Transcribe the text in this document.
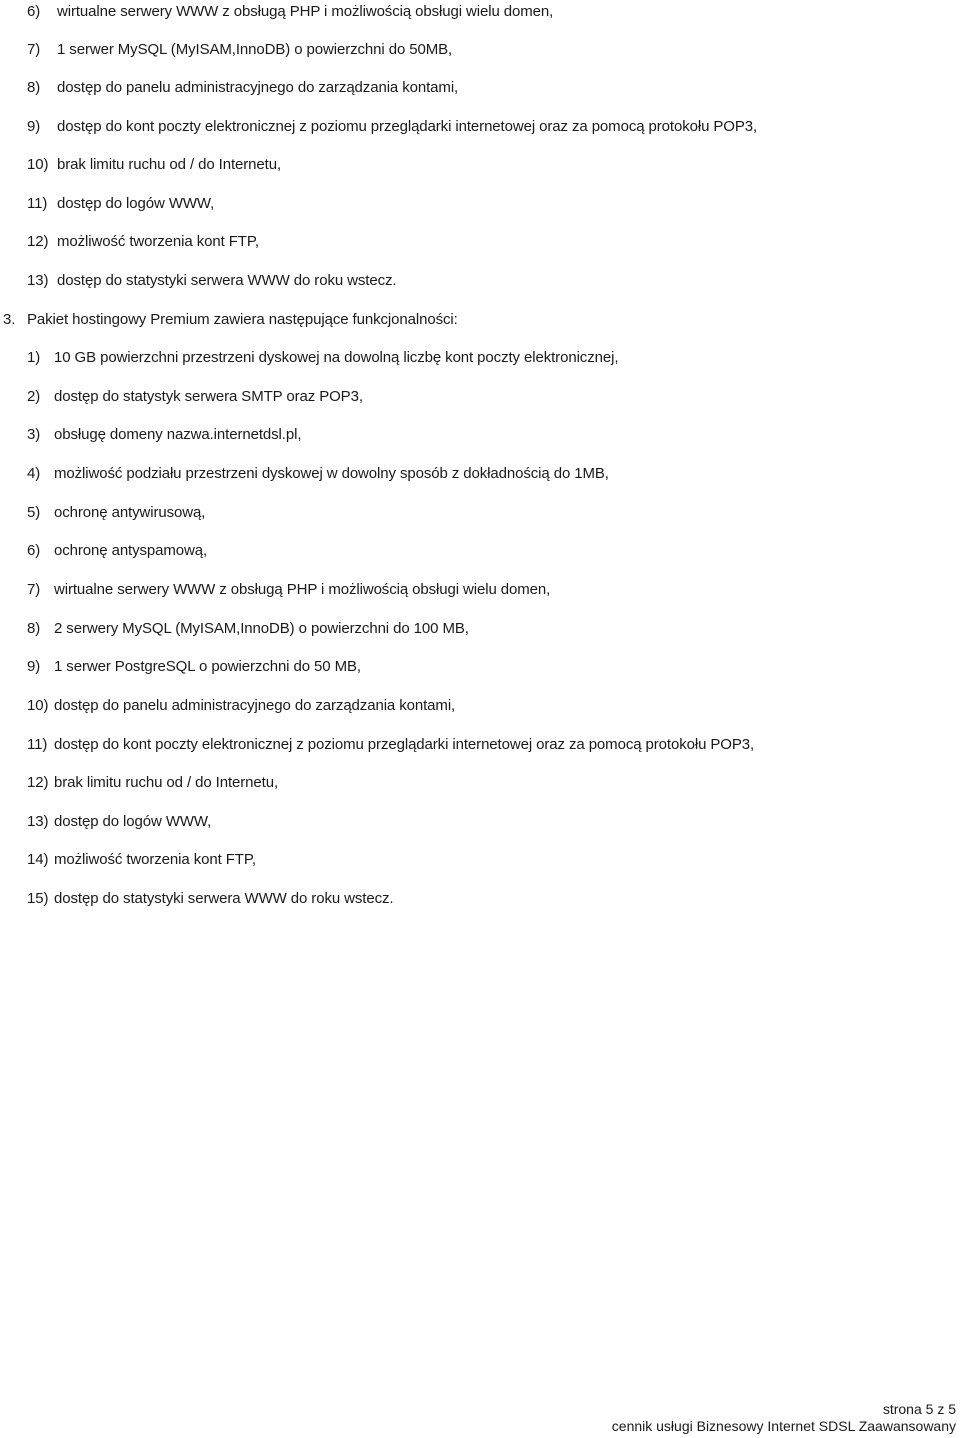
6) wirtualne serwery WWW z obsługą PHP i możliwością obsługi wielu domen,
7) 1 serwer MySQL (MyISAM,InnoDB) o powierzchni do 50MB,
8) dostęp do panelu administracyjnego do zarządzania kontami,
9) dostęp do kont poczty elektronicznej z poziomu przeglądarki internetowej oraz za pomocą protokołu POP3,
10) brak limitu ruchu od / do Internetu,
11) dostęp do logów WWW,
12) możliwość tworzenia kont FTP,
13) dostęp do statystyki serwera WWW do roku wstecz.
3. Pakiet hostingowy Premium zawiera następujące funkcjonalności:
1) 10 GB powierzchni przestrzeni dyskowej na dowolną liczbę kont poczty elektronicznej,
2) dostęp do statystyk serwera SMTP oraz POP3,
3) obsługę domeny nazwa.internetdsl.pl,
4) możliwość podziału przestrzeni dyskowej w dowolny sposób z dokładnością do 1MB,
5) ochronę antywirusową,
6) ochronę antyspamową,
7) wirtualne serwery WWW z obsługą PHP i możliwością obsługi wielu domen,
8) 2 serwery MySQL (MyISAM,InnoDB) o powierzchni do 100 MB,
9) 1 serwer PostgreSQL o powierzchni do 50 MB,
10) dostęp do panelu administracyjnego do zarządzania kontami,
11) dostęp do kont poczty elektronicznej z poziomu przeglądarki internetowej oraz za pomocą protokołu POP3,
12) brak limitu ruchu od / do Internetu,
13) dostęp do logów WWW,
14) możliwość tworzenia kont FTP,
15) dostęp do statystyki serwera WWW do roku wstecz.
strona 5 z 5
cennik usługi Biznesowy Internet SDSL Zaawansowany
